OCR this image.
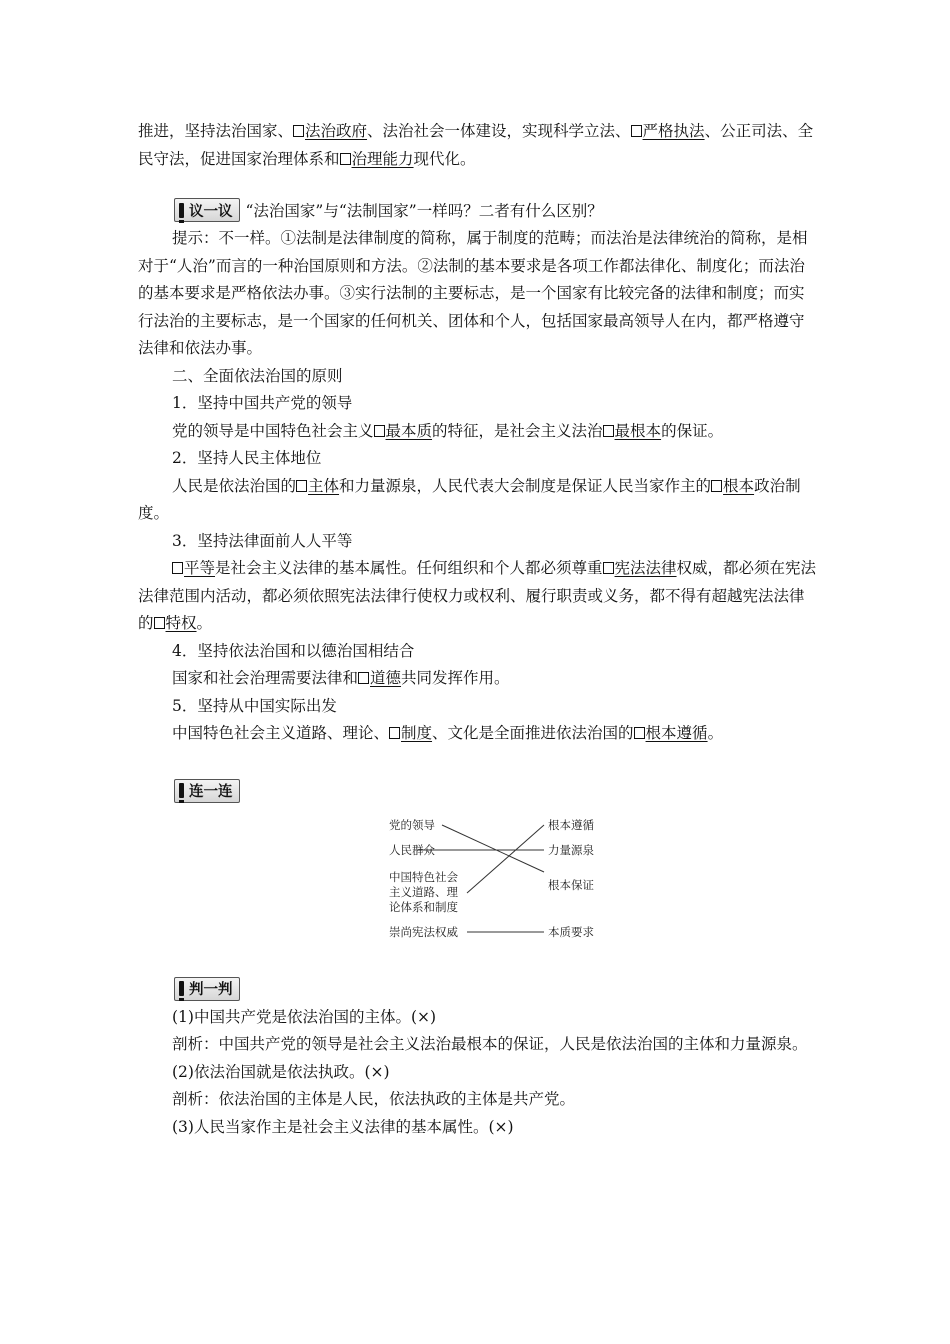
推进，坚持法治国家、 法治政府、法治社会一体建设，实现科学立法、 严格执法、公正司法、全民守法，促进国家治理体系和 治理能力现代化。

议一议 “法治国家”与“法制国家”一样吗？二者有什么区别？

提示：不一样。①法制是法律制度的简称，属于制度的范畴；而法治是法律统治的简称，是相对于“人治”而言的一种治国原则和方法。②法制的基本要求是各项工作都法律化、制度化；而法治的基本要求是严格依法办事。③实行法制的主要标志，是一个国家有比较完备的法律和制度；而实行法治的主要标志，是一个国家的任何机关、团体和个人，包括国家最高领导人在内，都严格遵守法律和依法办事。

二、全面依法治国的原则

1．坚持中国共产党的领导

党的领导是中国特色社会主义 最本质的特征，是社会主义法治 最根本的保证。

2．坚持人民主体地位

人民是依法治国的 主体和力量源泉，人民代表大会制度是保证人民当家作主的 根本政治制度。

3．坚持法律面前人人平等

平等是社会主义法律的基本属性。任何组织和个人都必须尊重 宪法法律权威，都必须在宪法法律范围内活动，都必须依照宪法法律行使权力或权利、履行职责或义务，都不得有超越宪法法律的 特权。

4．坚持依法治国和以德治国相结合

国家和社会治理需要法律和 道德共同发挥作用。

5．坚持从中国实际出发

中国特色社会主义道路、理论、 制度、文化是全面推进依法治国的 根本遵循。

连一连
党的领导
人民群众
中国特色社会
主义道路、理
论体系和制度
崇尚宪法权威
根本遵循
力量源泉
根本保证
本质要求
判一判

(1)中国共产党是依法治国的主体。(×)

剖析：中国共产党的领导是社会主义法治最根本的保证，人民是依法治国的主体和力量源泉。

(2)依法治国就是依法执政。(×)

剖析：依法治国的主体是人民，依法执政的主体是共产党。

(3)人民当家作主是社会主义法律的基本属性。(×)
